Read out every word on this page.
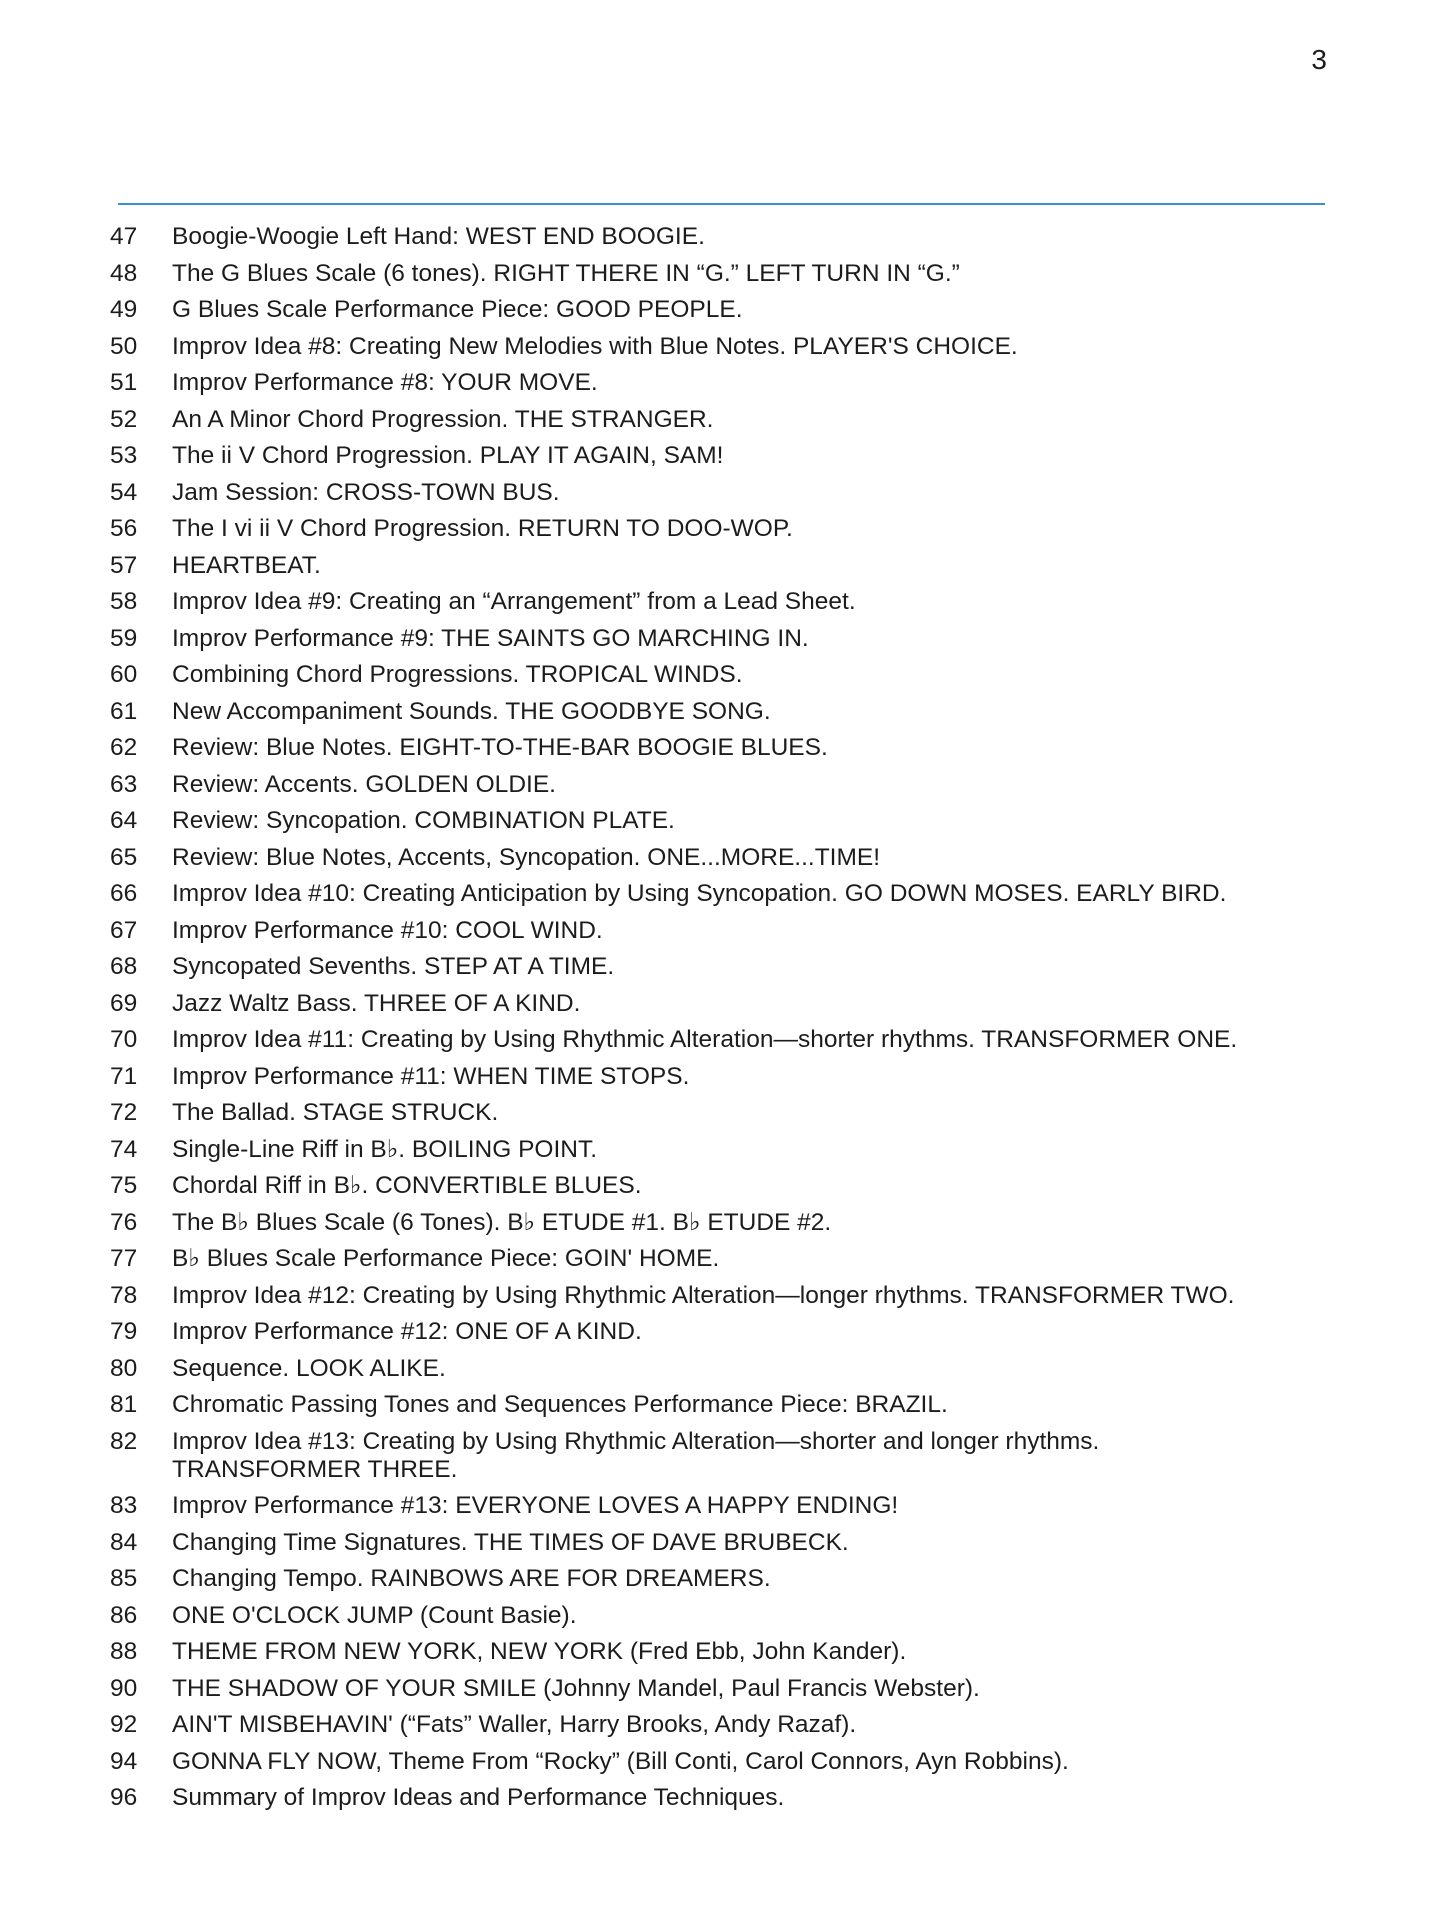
3
47	Boogie-Woogie Left Hand: WEST END BOOGIE.
48	The G Blues Scale (6 tones). RIGHT THERE IN “G.” LEFT TURN IN “G.”
49	G Blues Scale Performance Piece: GOOD PEOPLE.
50	Improv Idea #8: Creating New Melodies with Blue Notes. PLAYER'S CHOICE.
51	Improv Performance #8: YOUR MOVE.
52	An A Minor Chord Progression. THE STRANGER.
53	The ii V Chord Progression. PLAY IT AGAIN, SAM!
54	Jam Session: CROSS-TOWN BUS.
56	The I vi ii V Chord Progression. RETURN TO DOO-WOP.
57	HEARTBEAT.
58	Improv Idea #9: Creating an “Arrangement” from a Lead Sheet.
59	Improv Performance #9: THE SAINTS GO MARCHING IN.
60	Combining Chord Progressions. TROPICAL WINDS.
61	New Accompaniment Sounds. THE GOODBYE SONG.
62	Review: Blue Notes. EIGHT-TO-THE-BAR BOOGIE BLUES.
63	Review: Accents. GOLDEN OLDIE.
64	Review: Syncopation. COMBINATION PLATE.
65	Review: Blue Notes, Accents, Syncopation. ONE...MORE...TIME!
66	Improv Idea #10: Creating Anticipation by Using Syncopation. GO DOWN MOSES. EARLY BIRD.
67	Improv Performance #10: COOL WIND.
68	Syncopated Sevenths. STEP AT A TIME.
69	Jazz Waltz Bass. THREE OF A KIND.
70	Improv Idea #11: Creating by Using Rhythmic Alteration—shorter rhythms. TRANSFORMER ONE.
71	Improv Performance #11: WHEN TIME STOPS.
72	The Ballad. STAGE STRUCK.
74	Single-Line Riff in B♭. BOILING POINT.
75	Chordal Riff in B♭. CONVERTIBLE BLUES.
76	The B♭ Blues Scale (6 Tones). B♭ ETUDE #1. B♭ ETUDE #2.
77	B♭ Blues Scale Performance Piece: GOIN' HOME.
78	Improv Idea #12: Creating by Using Rhythmic Alteration—longer rhythms. TRANSFORMER TWO.
79	Improv Performance #12: ONE OF A KIND.
80	Sequence. LOOK ALIKE.
81	Chromatic Passing Tones and Sequences Performance Piece: BRAZIL.
82	Improv Idea #13: Creating by Using Rhythmic Alteration—shorter and longer rhythms.
TRANSFORMER THREE.
83	Improv Performance #13: EVERYONE LOVES A HAPPY ENDING!
84	Changing Time Signatures. THE TIMES OF DAVE BRUBECK.
85	Changing Tempo. RAINBOWS ARE FOR DREAMERS.
86	ONE O'CLOCK JUMP (Count Basie).
88	THEME FROM NEW YORK, NEW YORK (Fred Ebb, John Kander).
90	THE SHADOW OF YOUR SMILE (Johnny Mandel, Paul Francis Webster).
92	AIN'T MISBEHAVIN' (“Fats” Waller, Harry Brooks, Andy Razaf).
94	GONNA FLY NOW, Theme From “Rocky” (Bill Conti, Carol Connors, Ayn Robbins).
96	Summary of Improv Ideas and Performance Techniques.
